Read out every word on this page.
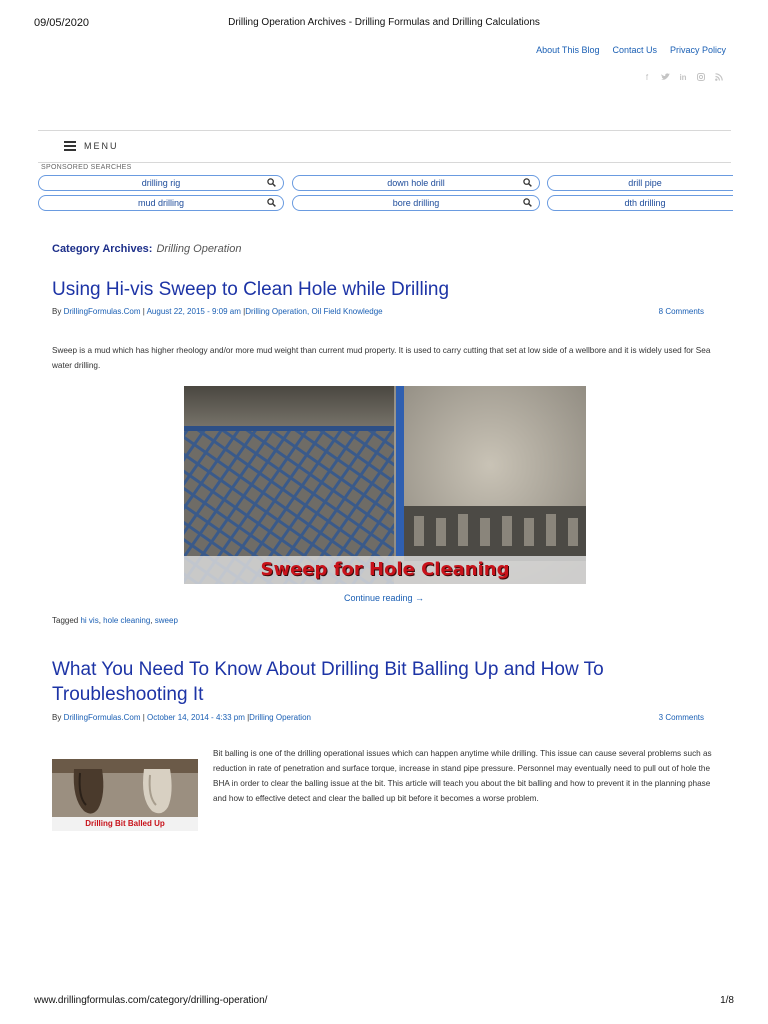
09/05/2020	Drilling Operation Archives - Drilling Formulas and Drilling Calculations
About This Blog Contact Us Privacy Policy
f	in
MENU
SPONSORED SEARCHES
drilling rig	down hole drill	drill pipe
mud drilling	bore drilling	dth drilling
Category Archives: Drilling Operation
Using Hi-vis Sweep to Clean Hole while Drilling
By DrillingFormulas.Com | August 22, 2015 - 9:09 am |Drilling Operation, Oil Field Knowledge	8 Comments

Sweep is a mud which has higher rheology and/or more mud weight than current mud property. It is used to carry cutting that set at low side of a wellbore and it is widely used for Sea water drilling.

Sweep for Hole Cleaning
Continue reading →
Tagged hi vis, hole cleaning, sweep
What You Need To Know About Drilling Bit Balling Up and How To Troubleshooting It
By DrillingFormulas.Com | October 14, 2014 - 4:33 pm |Drilling Operation	3 Comments
Drilling Bit Balled Up

Bit balling is one of the drilling operational issues which can happen anytime while drilling. This issue can cause several problems such as reduction in rate of penetration and surface torque, increase in stand pipe pressure. Personnel may eventually need to pull out of hole the BHA in order to clear the balling issue at the bit. This article will teach you about the bit balling and how to prevent it in the planning phase and how to effective detect and clear the balled up bit before it becomes a worse problem.

www.drillingformulas.com/category/drilling-operation/	1/8
